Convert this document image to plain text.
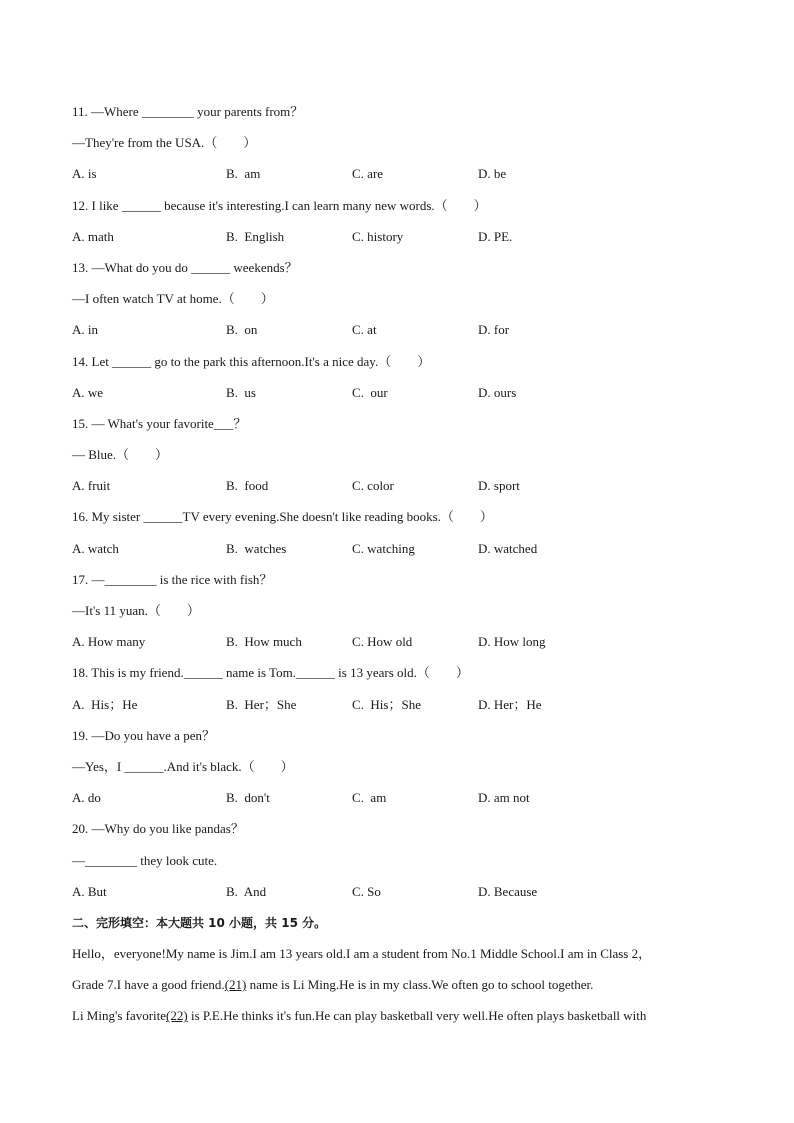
11. —Where ________ your parents from？
—They're from the USA.（　　）
A. is	B.  am	C. are	D. be
12. I like ______ because it's interesting.I can learn many new words.（　　）
A. math	B.  English	C. history	D. PE.
13. —What do you do ______ weekends？
—I often watch TV at home.（　　）
A. in	B.  on	C. at	D. for
14. Let ______ go to the park this afternoon.It's a nice day.（　　）
A. we	B.  us	C.  our	D. ours
15. — What's your favorite___？
— Blue.（　　）
A. fruit	B.  food	C. color	D. sport
16. My sister ______TV every evening.She doesn't like reading books.（　　）
A. watch	B.  watches	C. watching	D. watched
17. —________ is the rice with fish？
—It's 11 yuan.（　　）
A. How many	B.  How much	C. How old	D. How long
18. This is my friend.______ name is Tom.______ is 13 years old.（　　）
A.  His；He	B.  Her；She	C.  His；She	D. Her；He
19. —Do you have a pen？
—Yes，I ______.And it's black.（　　）
A. do	B.  don't	C.  am	D. am not
20. —Why do you like pandas？
—________ they look cute.
A. But	B.  And	C. So	D. Because
二、完形填空：本大题共 10 小题，共 15 分。
Hello，everyone!My name is Jim.I am 13 years old.I am a student from No.1 Middle School.I am in Class 2，
Grade 7.I have a good friend.(21) name is Li Ming.He is in my class.We often go to school together.
Li Ming's favorite(22) is P.E.He thinks it's fun.He can play basketball very well.He often plays basketball with
